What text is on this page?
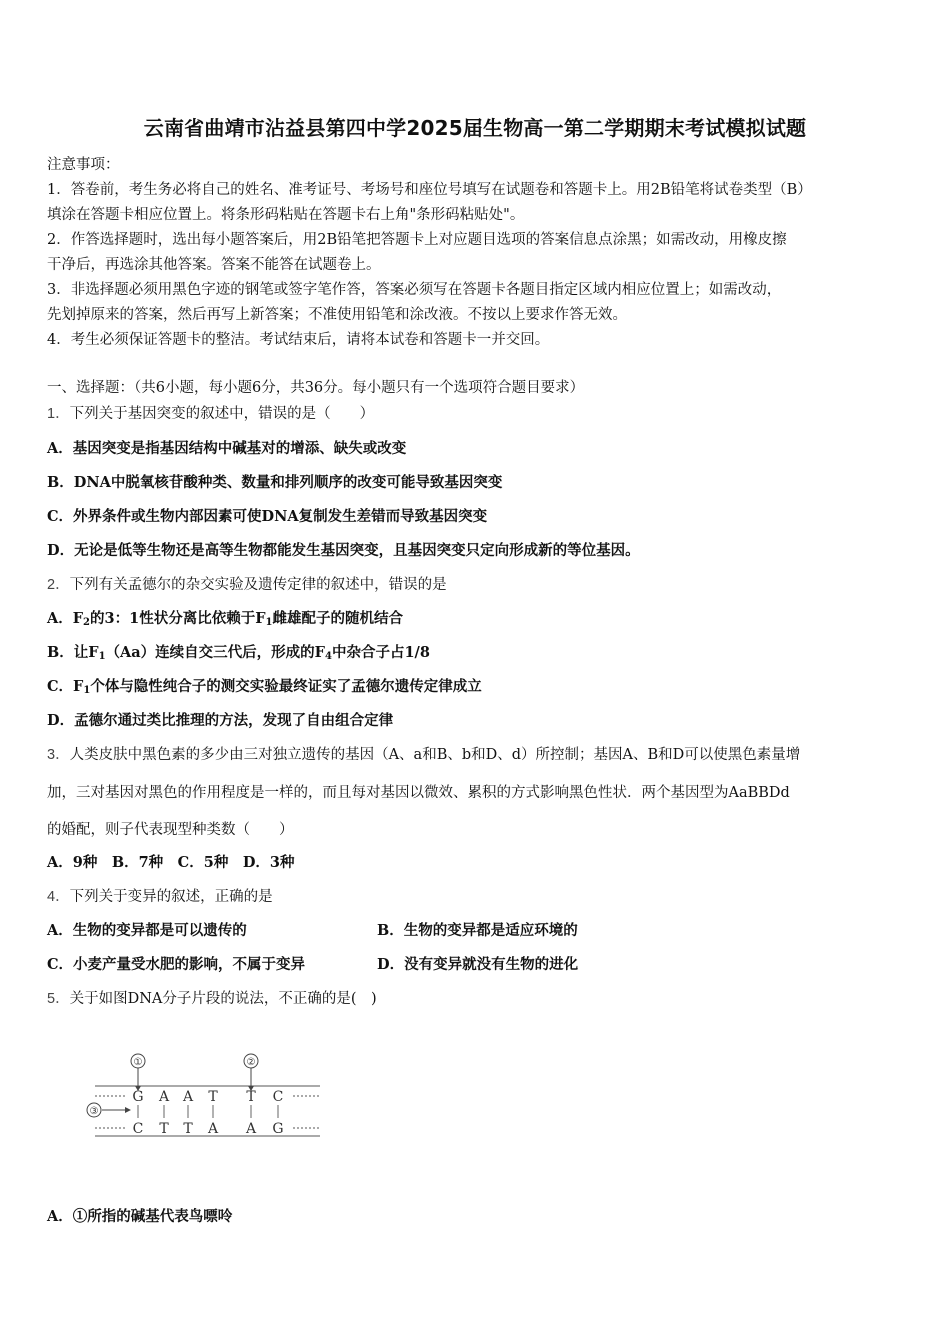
云南省曲靖市沾益县第四中学2025届生物高一第二学期期末考试模拟试题
注意事项：
1．答卷前，考生务必将自己的姓名、准考证号、考场号和座位号填写在试题卷和答题卡上。用2B铅笔将试卷类型（B）
填涂在答题卡相应位置上。将条形码粘贴在答题卡右上角"条形码粘贴处"。
2．作答选择题时，选出每小题答案后，用2B铅笔把答题卡上对应题目选项的答案信息点涂黑；如需改动，用橡皮擦
干净后，再选涂其他答案。答案不能答在试题卷上。
3．非选择题必须用黑色字迹的钢笔或签字笔作答，答案必须写在答题卡各题目指定区域内相应位置上；如需改动，
先划掉原来的答案，然后再写上新答案；不准使用铅笔和涂改液。不按以上要求作答无效。
4．考生必须保证答题卡的整洁。考试结束后，请将本试卷和答题卡一并交回。
一、选择题：（共6小题，每小题6分，共36分。每小题只有一个选项符合题目要求）
1．下列关于基因突变的叙述中，错误的是（　　）
A．基因突变是指基因结构中碱基对的增添、缺失或改变
B．DNA中脱氧核苷酸种类、数量和排列顺序的改变可能导致基因突变
C．外界条件或生物内部因素可使DNA复制发生差错而导致基因突变
D．无论是低等生物还是高等生物都能发生基因突变，且基因突变只定向形成新的等位基因。
2．下列有关孟德尔的杂交实验及遗传定律的叙述中，错误的是
A．$F_2$的3：1性状分离比依赖于$F_1$雌雄配子的随机结合
B．让$F_1(Aa)$连续自交三代后，形成的$F_4$中杂合子占1/8
C．$F_1$个体与隐性纯合子的测交实验最终证实了孟德尔遗传定律成立
D．孟德尔通过类比推理的方法，发现了自由组合定律
3．人类皮肤中黑色素的多少由三对独立遗传的基因（A、a和B、b和D、d）所控制；基因A、B和D可以使黑色素量增
加，三对基因对黑色的作用程度是一样的，而且每对基因以微效、累积的方式影响黑色性状．两个基因型为AaBBDd
的婚配，则子代表现型种类数（　　）
A．9种　B．7种　C．5种　D．3种
4．下列关于变异的叙述，正确的是
A．生物的变异都是可以遗传的	B．生物的变异都是适应环境的
C．小麦产量受水肥的影响，不属于变异	D．没有变异就没有生物的进化
5．关于如图DNA分子片段的说法，不正确的是(　)
①	②
③
G A A T T C
C T T A A G
A．①所指的碱基代表鸟嘌呤
